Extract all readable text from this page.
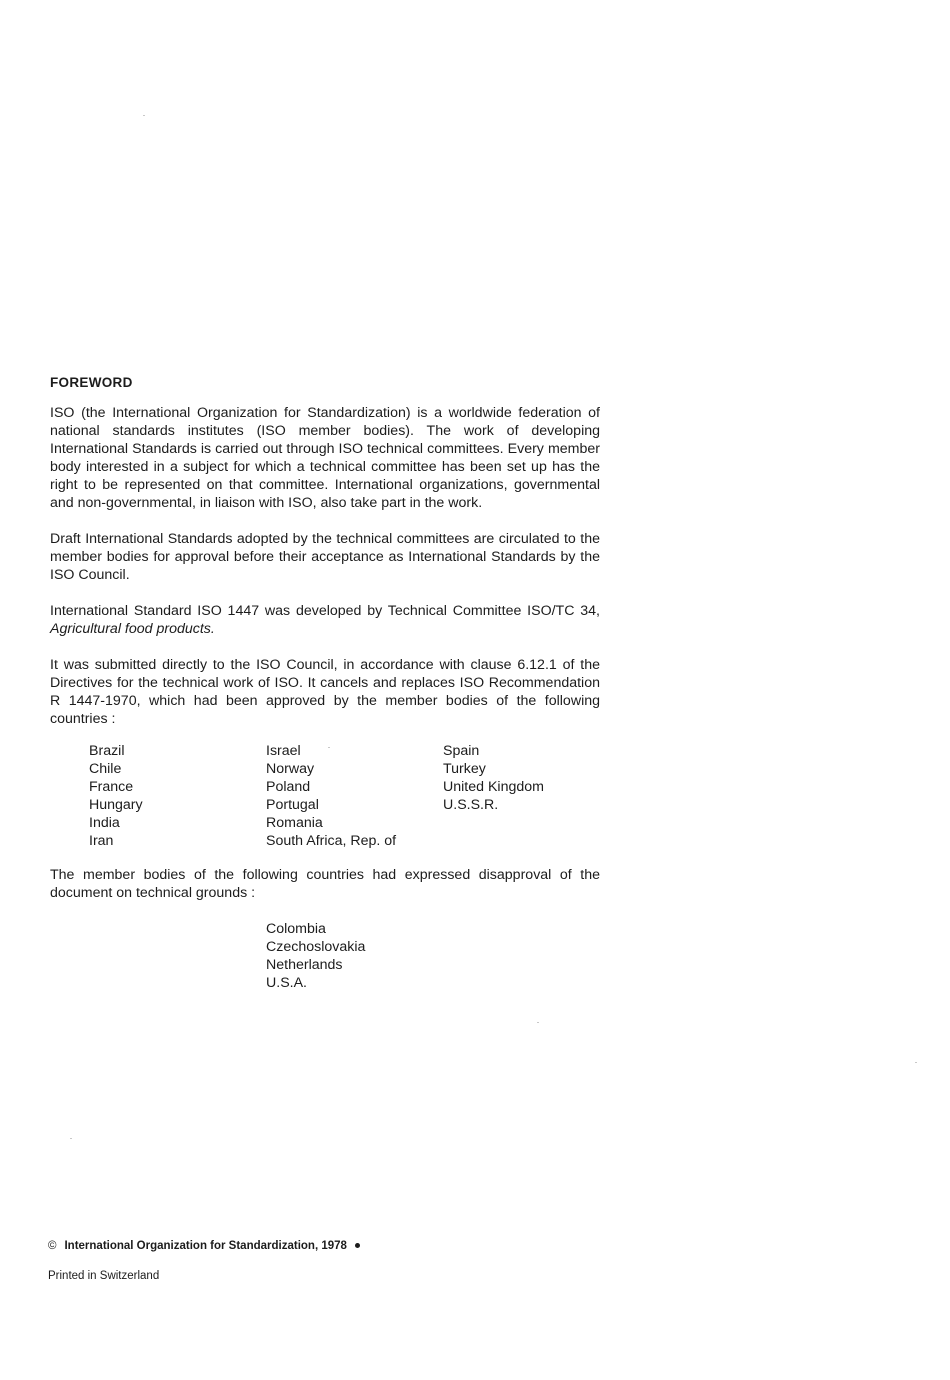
FOREWORD

ISO (the International Organization for Standardization) is a worldwide federation of national standards institutes (ISO member bodies). The work of developing International Standards is carried out through ISO technical committees. Every member body interested in a subject for which a technical committee has been set up has the right to be represented on that committee. International organizations, governmental and non-governmental, in liaison with ISO, also take part in the work.

Draft International Standards adopted by the technical committees are circulated to the member bodies for approval before their acceptance as International Standards by the ISO Council.

International Standard ISO 1447 was developed by Technical Committee ISO/TC 34, Agricultural food products.

It was submitted directly to the ISO Council, in accordance with clause 6.12.1 of the Directives for the technical work of ISO. It cancels and replaces ISO Recommendation R 1447-1970, which had been approved by the member bodies of the following countries :

Brazil
Chile
France
Hungary
India
Iran
Israel
Norway
Poland
Portugal
Romania
South Africa, Rep. of
Spain
Turkey
United Kingdom
U.S.S.R.

The member bodies of the following countries had expressed disapproval of the document on technical grounds :

Colombia
Czechoslovakia
Netherlands
U.S.A.
© International Organization for Standardization, 1978
Printed in Switzerland
